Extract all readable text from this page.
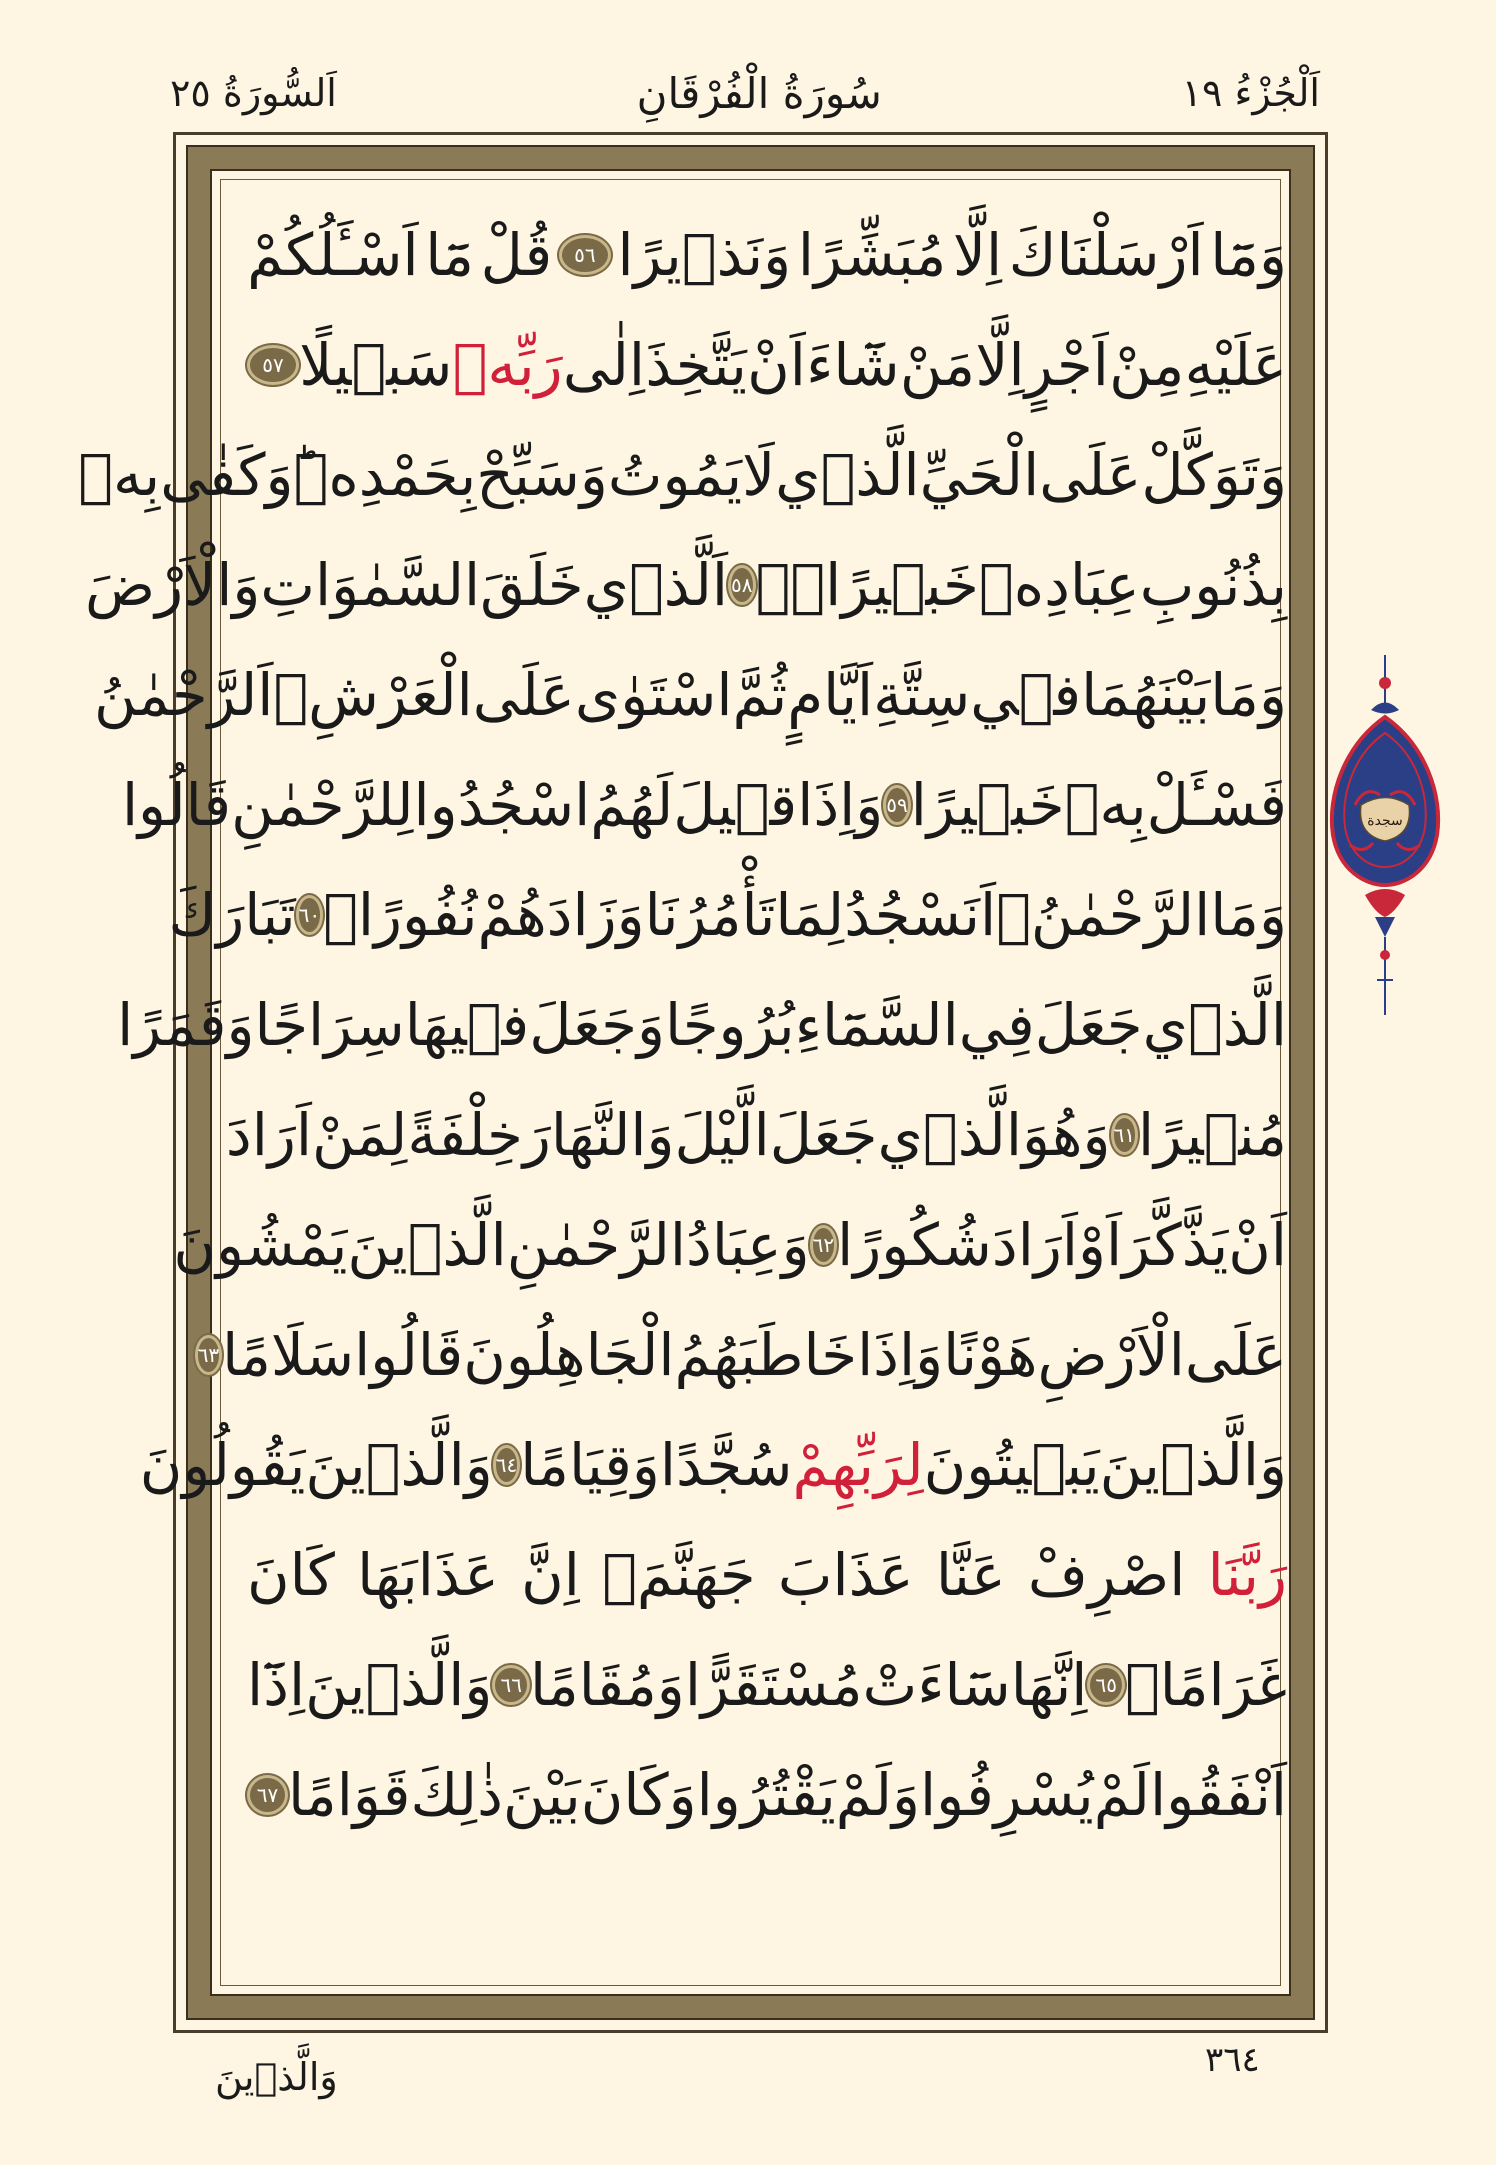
اَلْجُزْءُ ١٩
سُورَةُ الْفُرْقَانِ
اَلسُّورَةُ ٢٥
وَمَٓا
اَرْسَلْنَاكَ
اِلَّا
مُبَشِّرًا
وَنَذ۪يرًا
٥٦
قُلْ
مَٓا
اَسْـَٔلُكُمْ
عَلَيْهِ
مِنْ
اَجْرٍ
اِلَّا
مَنْ
شَٓاءَ
اَنْ
يَتَّخِذَ
اِلٰى
رَبِّه۪
سَب۪يلًا
٥٧
وَتَوَكَّلْ
عَلَى
الْحَيِّ
الَّذ۪ي
لَا
يَمُوتُ
وَسَبِّحْ
بِحَمْدِه۪ؕ
وَكَفٰى
بِه۪
بِذُنُوبِ
عِبَادِه۪
خَب۪يرًاۚۙ
٥٨
اَلَّذ۪ي
خَلَقَ
السَّمٰوَاتِ
وَالْاَرْضَ
وَمَا
بَيْنَهُمَا
ف۪ي
سِتَّةِ
اَيَّامٍ
ثُمَّ
اسْتَوٰى
عَلَى
الْعَرْشِۚ
اَلرَّحْمٰنُ
فَسْـَٔلْ
بِه۪
خَب۪يرًا
٥٩
وَاِذَا
ق۪يلَ
لَهُمُ
اسْجُدُوا
لِلرَّحْمٰنِ
قَالُوا
وَمَا
الرَّحْمٰنُۗ
اَنَسْجُدُ
لِمَا
تَأْمُرُنَا
وَزَادَهُمْ
نُفُورًا۟
٦٠
تَبَارَكَ
الَّذ۪ي
جَعَلَ
فِي
السَّمَٓاءِ
بُرُوجًا
وَجَعَلَ
ف۪يهَا
سِرَاجًا
وَقَمَرًا
مُن۪يرًا
٦١
وَهُوَ
الَّذ۪ي
جَعَلَ
الَّيْلَ
وَالنَّهَارَ
خِلْفَةً
لِمَنْ
اَرَادَ
اَنْ
يَذَّكَّرَ
اَوْ
اَرَادَ
شُكُورًا
٦٢
وَعِبَادُ
الرَّحْمٰنِ
الَّذ۪ينَ
يَمْشُونَ
عَلَى
الْاَرْضِ
هَوْنًا
وَاِذَا
خَاطَبَهُمُ
الْجَاهِلُونَ
قَالُوا
سَلَامًا
٦٣
وَالَّذ۪ينَ
يَب۪يتُونَ
لِرَبِّهِمْ
سُجَّدًا
وَقِيَامًا
٦٤
وَالَّذ۪ينَ
يَقُولُونَ
رَبَّنَا
اصْرِفْ
عَنَّا
عَذَابَ
جَهَنَّمَۗ
اِنَّ
عَذَابَهَا
كَانَ
غَرَامًاۗ
٦٥
اِنَّهَا
سَٓاءَتْ
مُسْتَقَرًّا
وَمُقَامًا
٦٦
وَالَّذ۪ينَ
اِذَٓا
اَنْفَقُوا
لَمْ
يُسْرِفُوا
وَلَمْ
يَقْتُرُوا
وَكَانَ
بَيْنَ
ذٰلِكَ
قَوَامًا
٦٧
سجدة
وَالَّذ۪ينَ	٣٦٤
